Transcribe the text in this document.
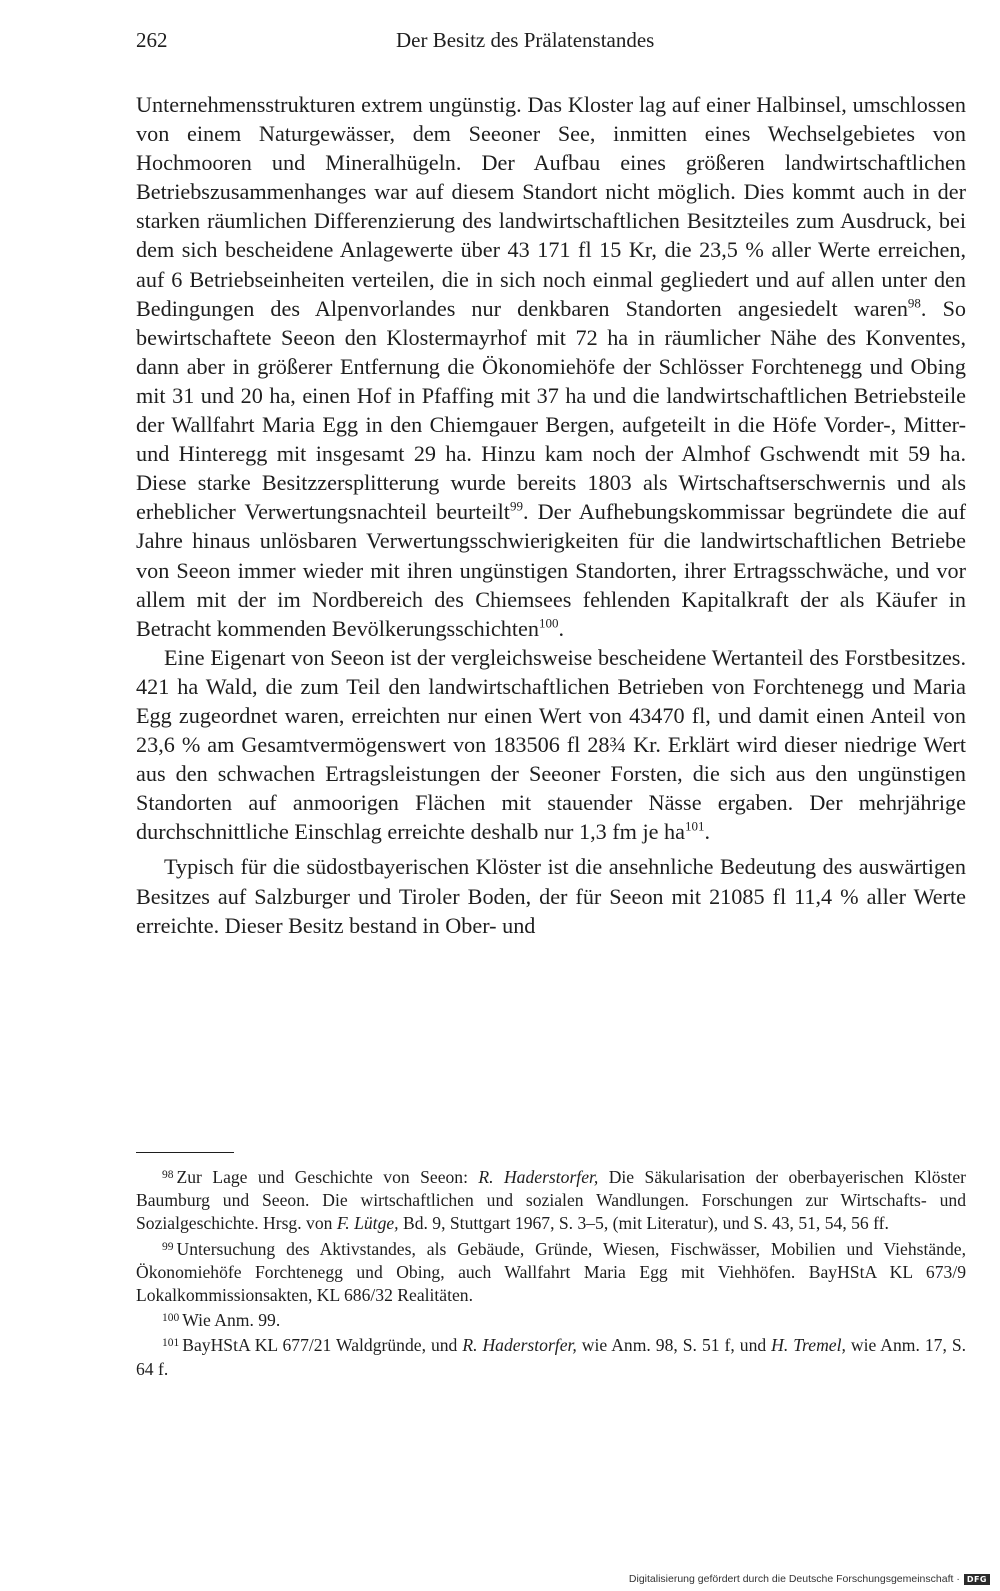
262	Der Besitz des Prälatenstandes

Unternehmensstrukturen extrem ungünstig. Das Kloster lag auf einer Halbinsel, umschlossen von einem Naturgewässer, dem Seeoner See, inmitten eines Wechselgebietes von Hochmooren und Mineralhügeln. Der Aufbau eines größeren landwirtschaftlichen Betriebszusammenhanges war auf diesem Standort nicht möglich. Dies kommt auch in der starken räumlichen Differenzierung des landwirtschaftlichen Besitzteiles zum Ausdruck, bei dem sich bescheidene Anlagewerte über 43 171 fl 15 Kr, die 23,5 % aller Werte erreichen, auf 6 Betriebseinheiten verteilen, die in sich noch einmal gegliedert und auf allen unter den Bedingungen des Alpenvorlandes nur denkbaren Standorten angesiedelt waren$^{98}$. So bewirtschaftete Seeon den Klostermayrhof mit 72 ha in räumlicher Nähe des Konventes, dann aber in größerer Entfernung die Ökonomiehöfe der Schlösser Forchtenegg und Obing mit 31 und 20 ha, einen Hof in Pfaffing mit 37 ha und die landwirtschaftlichen Betriebsteile der Wallfahrt Maria Egg in den Chiemgauer Bergen, aufgeteilt in die Höfe Vorder-, Mitter- und Hinteregg mit insgesamt 29 ha. Hinzu kam noch der Almhof Gschwendt mit 59 ha. Diese starke Besitzzersplitterung wurde bereits 1803 als Wirtschaftserschwernis und als erheblicher Verwertungsnachteil beurteilt$^{99}$. Der Aufhebungskommissar begründete die auf Jahre hinaus unlösbaren Verwertungsschwierigkeiten für die landwirtschaftlichen Betriebe von Seeon immer wieder mit ihren ungünstigen Standorten, ihrer Ertragsschwäche, und vor allem mit der im Nordbereich des Chiemsees fehlenden Kapitalkraft der als Käufer in Betracht kommenden Bevölkerungsschichten$^{100}$.

Eine Eigenart von Seeon ist der vergleichsweise bescheidene Wertanteil des Forstbesitzes. 421 ha Wald, die zum Teil den landwirtschaftlichen Betrieben von Forchtenegg und Maria Egg zugeordnet waren, erreichten nur einen Wert von 43470 fl, und damit einen Anteil von 23,6 % am Gesamtvermögenswert von 183506 fl 28¾ Kr. Erklärt wird dieser niedrige Wert aus den schwachen Ertragsleistungen der Seeoner Forsten, die sich aus den ungünstigen Standorten auf anmoorigen Flächen mit stauender Nässe ergaben. Der mehrjährige durchschnittliche Einschlag erreichte deshalb nur 1,3 fm je $ha^{101}$.

Typisch für die südostbayerischen Klöster ist die ansehnliche Bedeutung des auswärtigen Besitzes auf Salzburger und Tiroler Boden, der für Seeon mit 21085 fl 11,4 % aller Werte erreichte. Dieser Besitz bestand in Ober- und

$^{98}$ Zur Lage und Geschichte von Seeon: R. Haderstorfer, Die Säkularisation der oberbayerischen Klöster Baumburg und Seeon. Die wirtschaftlichen und sozialen Wandlungen. Forschungen zur Wirtschafts- und Sozialgeschichte. Hrsg. von F. Lütge, Bd. 9, Stuttgart 1967, S. 3–5, (mit Literatur), und S. 43, 51, 54, 56 ff.

$^{99}$ Untersuchung des Aktivstandes, als Gebäude, Gründe, Wiesen, Fischwässer, Mobilien und Viehstände, Ökonomiehöfe Forchtenegg und Obing, auch Wallfahrt Maria Egg mit Viehhöfen. BayHStA KL 673/9 Lokalkommissionsakten, KL 686/32 Realitäten.

$^{100}$ Wie Anm. 99.

$^{101}$ BayHStA KL 677/21 Waldgründe, und R. Haderstorfer, wie Anm. 98, S. 51 f, und H. Tremel, wie Anm. 17, S. 64 f.

Digitalisierung gefördert durch die Deutsche Forschungsgemeinschaft · DFG
